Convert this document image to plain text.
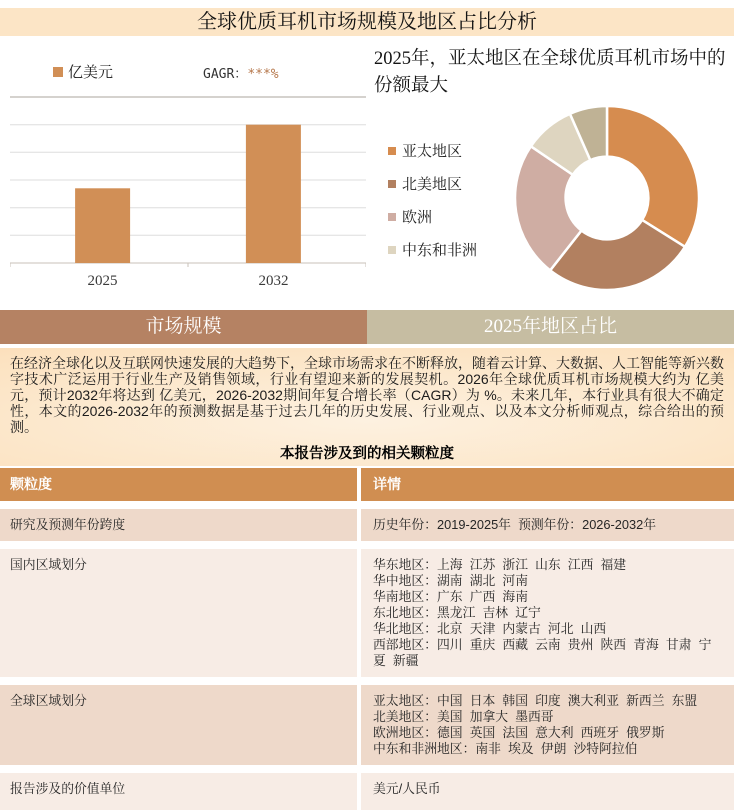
全球优质耳机市场规模及地区占比分析
亿美元	GAGR：***%
2025	2032
2025年，亚太地区在全球优质耳机市场中的份额最大
亚太地区
北美地区
欧洲
中东和非洲
市场规模	2025年地区占比
在经济全球化以及互联网快速发展的大趋势下，全球市场需求在不断释放，随着云计算、大数据、人工智能等新兴数字技术广泛运用于行业生产及销售领域，行业有望迎来新的发展契机。2026年全球优质耳机市场规模大约为 亿美元，预计2032年将达到 亿美元，2026-2032期间年复合增长率（CAGR）为 %。未来几年，本行业具有很大不确定性，本文的2026-2032年的预测数据是基于过去几年的历史发展、行业观点、以及本文分析师观点，综合给出的预测。
本报告涉及到的相关颗粒度
颗粒度	详情
研究及预测年份跨度	历史年份：2019-2025年  预测年份：2026-2032年
国内区域划分	华东地区：上海  江苏  浙江  山东  江西  福建
华中地区：湖南  湖北  河南
华南地区：广东  广西  海南
东北地区：黑龙江  吉林  辽宁
华北地区：北京  天津  内蒙古  河北  山西
西部地区：四川  重庆  西藏  云南  贵州  陕西  青海  甘肃  宁夏  新疆
全球区域划分	亚太地区：中国  日本  韩国  印度  澳大利亚  新西兰  东盟
北美地区：美国  加拿大  墨西哥
欧洲地区：德国  英国  法国  意大利  西班牙  俄罗斯
中东和非洲地区：南非  埃及  伊朗  沙特阿拉伯
报告涉及的价值单位	美元/人民币
